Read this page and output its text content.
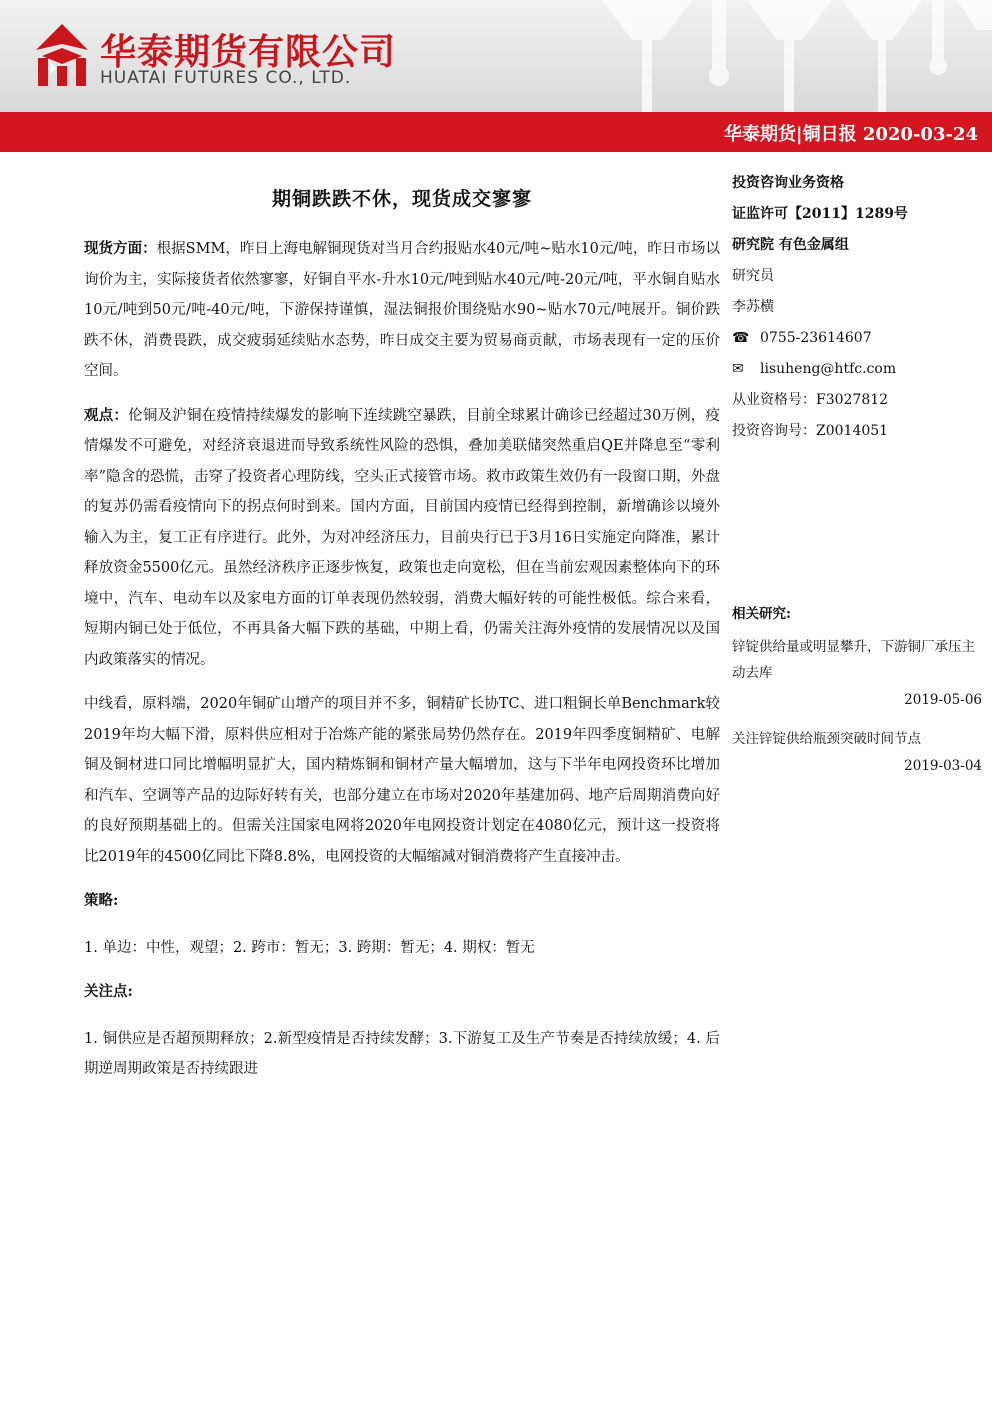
华泰期货有限公司
HUATAI FUTURES CO., LTD.
华泰期货|铜日报 2020-03-24
期铜跌跌不休，现货成交寥寥

现货方面：根据SMM，昨日上海电解铜现货对当月合约报贴水40元/吨~贴水10元/吨，昨日市场以询价为主，实际接货者依然寥寥，好铜自平水-升水10元/吨到贴水40元/吨-20元/吨，平水铜自贴水10元/吨到50元/吨-40元/吨，下游保持谨慎，湿法铜报价围绕贴水90~贴水70元/吨展开。铜价跌跌不休，消费畏跌，成交疲弱延续贴水态势，昨日成交主要为贸易商贡献，市场表现有一定的压价空间。

观点：伦铜及沪铜在疫情持续爆发的影响下连续跳空暴跌，目前全球累计确诊已经超过30万例，疫情爆发不可避免，对经济衰退进而导致系统性风险的恐惧，叠加美联储突然重启QE并降息至“零利率”隐含的恐慌，击穿了投资者心理防线，空头正式接管市场。救市政策生效仍有一段窗口期，外盘的复苏仍需看疫情向下的拐点何时到来。国内方面，目前国内疫情已经得到控制，新增确诊以境外输入为主，复工正有序进行。此外，为对冲经济压力，目前央行已于3月16日实施定向降准，累计释放资金5500亿元。虽然经济秩序正逐步恢复，政策也走向宽松，但在当前宏观因素整体向下的环境中，汽车、电动车以及家电方面的订单表现仍然较弱，消费大幅好转的可能性极低。综合来看，短期内铜已处于低位，不再具备大幅下跌的基础，中期上看，仍需关注海外疫情的发展情况以及国内政策落实的情况。

中线看，原料端，2020年铜矿山增产的项目并不多，铜精矿长协TC、进口粗铜长单Benchmark较2019年均大幅下滑，原料供应相对于冶炼产能的紧张局势仍然存在。2019年四季度铜精矿、电解铜及铜材进口同比增幅明显扩大，国内精炼铜和铜材产量大幅增加，这与下半年电网投资环比增加和汽车、空调等产品的边际好转有关，也部分建立在市场对2020年基建加码、地产后周期消费向好的良好预期基础上的。但需关注国家电网将2020年电网投资计划定在4080亿元，预计这一投资将比2019年的4500亿同比下降8.8%，电网投资的大幅缩减对铜消费将产生直接冲击。

策略:

1. 单边：中性，观望；2. 跨市：暂无；3. 跨期：暂无；4. 期权：暂无

关注点:

1. 铜供应是否超预期释放；2.新型疫情是否持续发酵；3.下游复工及生产节奏是否持续放缓；4. 后期逆周期政策是否持续跟进

投资咨询业务资格
证监许可【2011】1289号
研究院 有色金属组
研究员
李苏横
☎ 0755-23614607
✉ lisuheng@htfc.com
从业资格号：F3027812
投资咨询号：Z0014051
相关研究:
锌锭供给量或明显攀升，下游铜厂承压主动去库
2019-05-06
关注锌锭供给瓶颈突破时间节点
2019-03-04
